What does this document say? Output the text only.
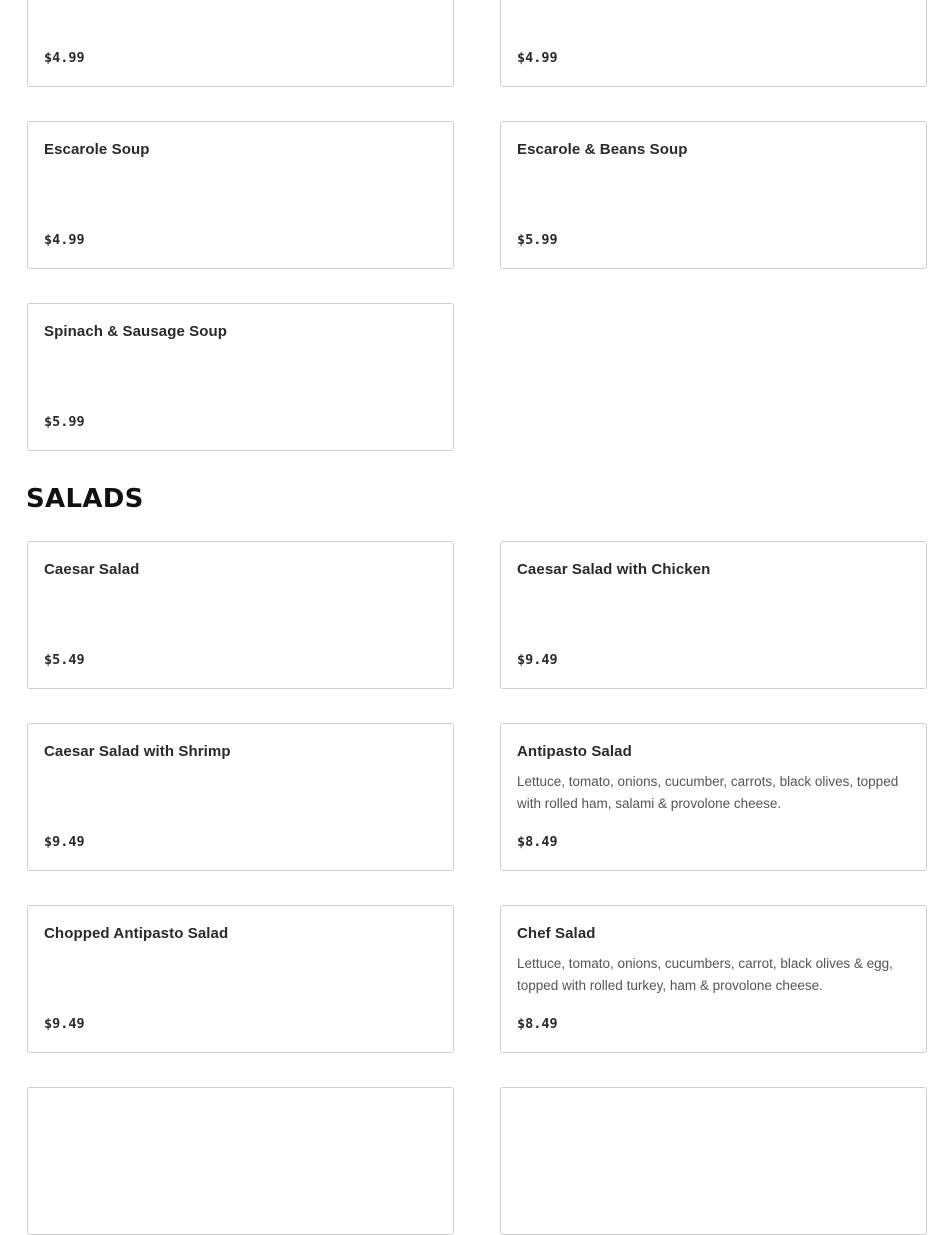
$4.99	$4.99
Escarole Soup
$4.99
Escarole & Beans Soup
$5.99
Spinach & Sausage Soup
$5.99
SALADS
Caesar Salad
$5.49
Caesar Salad with Chicken
$9.49
Caesar Salad with Shrimp
$9.49
Antipasto Salad
Lettuce, tomato, onions, cucumber, carrots, black olives, topped with rolled ham, salami & provolone cheese.
$8.49
Chopped Antipasto Salad
$9.49
Chef Salad
Lettuce, tomato, onions, cucumbers, carrot, black olives & egg, topped with rolled turkey, ham & provolone cheese.
$8.49
